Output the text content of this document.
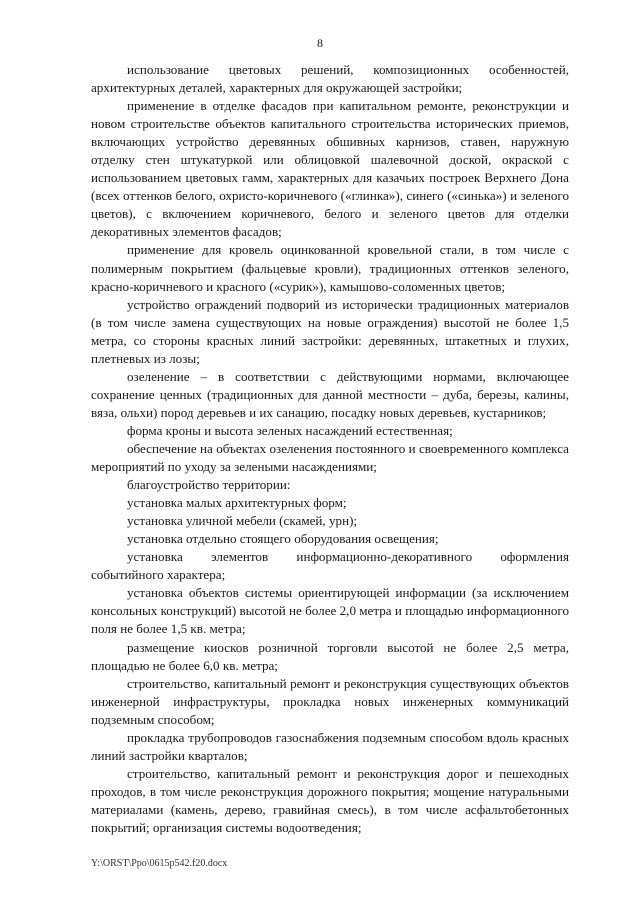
8

использование цветовых решений, композиционных особенностей, архитектурных деталей, характерных для окружающей застройки;

применение в отделке фасадов при капитальном ремонте, реконструкции и новом строительстве объектов капитального строительства исторических приемов, включающих устройство деревянных обшивных карнизов, ставен, наружную отделку стен штукатуркой или облицовкой шалевочной доской, окраской с использованием цветовых гамм, характерных для казачьих построек Верхнего Дона (всех оттенков белого, охристо-коричневого («глинка»), синего («синька») и зеленого цветов), с включением коричневого, белого и зеленого цветов для отделки декоративных элементов фасадов;

применение для кровель оцинкованной кровельной стали, в том числе с полимерным покрытием (фальцевые кровли), традиционных оттенков зеленого, красно-коричневого и красного («сурик»), камышово-соломенных цветов;

устройство ограждений подворий из исторически традиционных материалов (в том числе замена существующих на новые ограждения) высотой не более 1,5 метра, со стороны красных линий застройки: деревянных, штакетных и глухих, плетневых из лозы;

озеленение – в соответствии с действующими нормами, включающее сохранение ценных (традиционных для данной местности – дуба, березы, калины, вяза, ольхи) пород деревьев и их санацию, посадку новых деревьев, кустарников;

форма кроны и высота зеленых насаждений естественная;

обеспечение на объектах озеленения постоянного и своевременного комплекса мероприятий по уходу за зелеными насаждениями;

благоустройство территории:

установка малых архитектурных форм;

установка уличной мебели (скамей, урн);

установка отдельно стоящего оборудования освещения;

установка элементов информационно-декоративного оформления событийного характера;

установка объектов системы ориентирующей информации (за исключением консольных конструкций) высотой не более 2,0 метра и площадью информационного поля не более 1,5 кв. метра;

размещение киосков розничной торговли высотой не более 2,5 метра, площадью не более 6,0 кв. метра;

строительство, капитальный ремонт и реконструкция существующих объектов инженерной инфраструктуры, прокладка новых инженерных коммуникаций подземным способом;

прокладка трубопроводов газоснабжения подземным способом вдоль красных линий застройки кварталов;

строительство, капитальный ремонт и реконструкция дорог и пешеходных проходов, в том числе реконструкция дорожного покрытия; мощение натуральными материалами (камень, дерево, гравийная смесь), в том числе асфальтобетонных покрытий; организация системы водоотведения;

Y:\ORST\Ppo\0615p542.f20.docx
